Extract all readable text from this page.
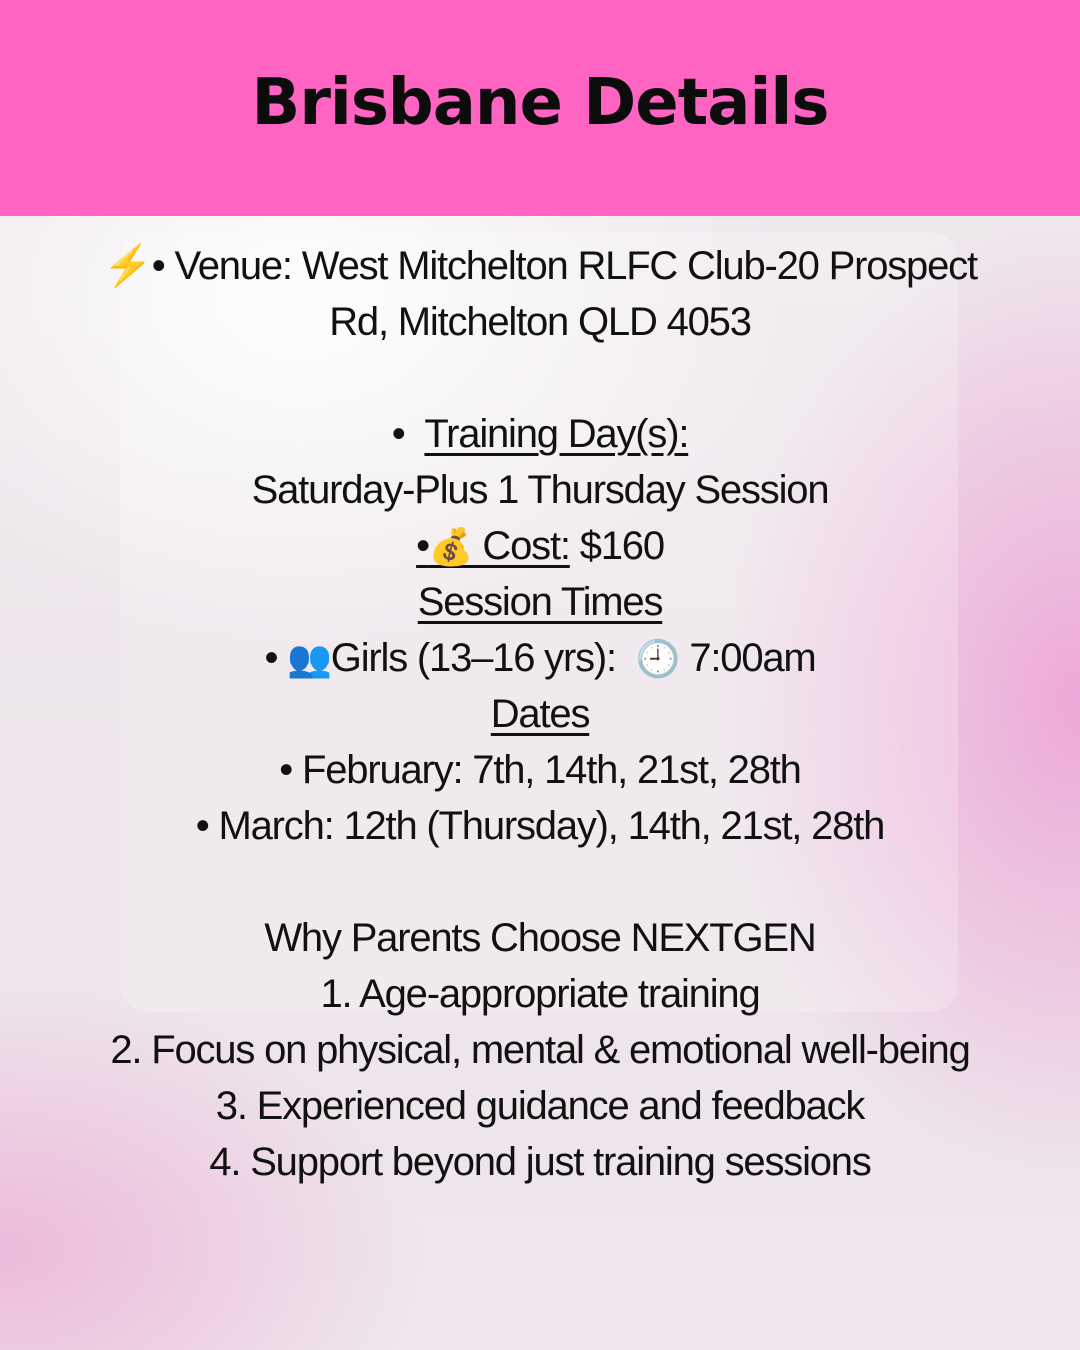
Brisbane Details
⚡• Venue: West Mitchelton RLFC Club-20 Prospect
Rd, Mitchelton QLD 4053
• Training Day(s):
Saturday-Plus 1 Thursday Session
•💰 Cost: $160
Session Times
• 👥Girls (13–16 yrs): 🕘 7:00am
Dates
• February: 7th, 14th, 21st, 28th
• March: 12th (Thursday), 14th, 21st, 28th
Why Parents Choose NEXTGEN
1. Age-appropriate training
2. Focus on physical, mental & emotional well-being
3. Experienced guidance and feedback
4. Support beyond just training sessions
